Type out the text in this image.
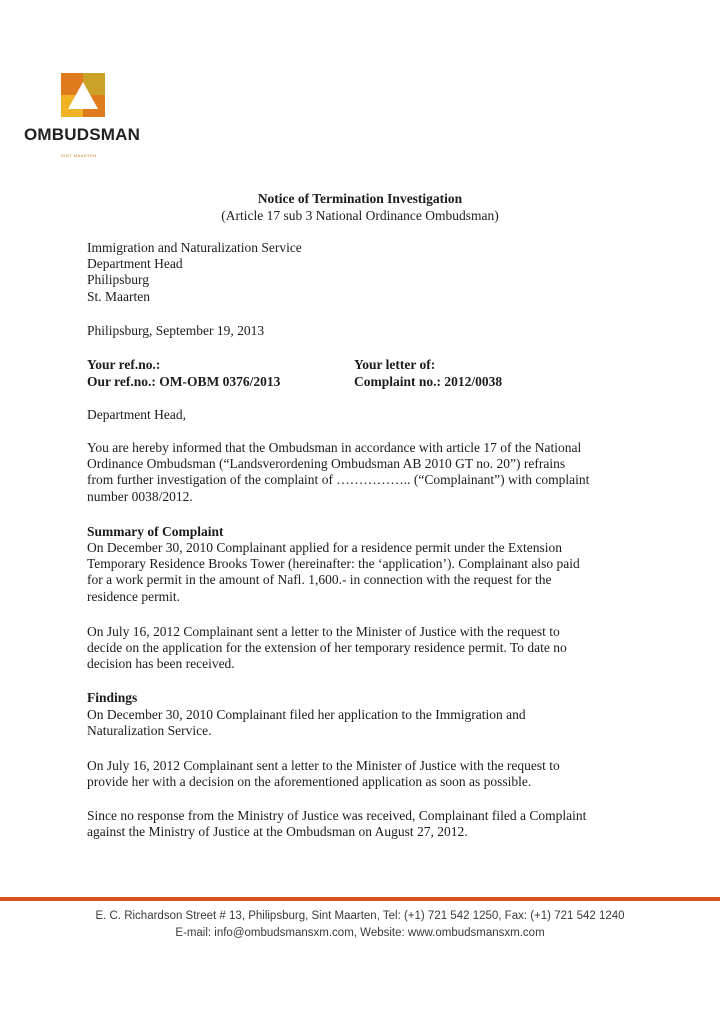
OMBUDSMAN
SINT MAARTEN
Notice of Termination Investigation
(Article 17 sub 3 National Ordinance Ombudsman)

Immigration and Naturalization Service

Department Head

Philipsburg

St. Maarten

Philipsburg, September 19, 2013
Your ref.no.:
Our ref.no.: OM-OBM 0376/2013
Your letter of:
Complaint no.: 2012/0038
Department Head,

You are hereby informed that the Ombudsman in accordance with article 17 of the National

Ordinance Ombudsman (“Landsverordening Ombudsman AB 2010 GT no. 20”) refrains

from further investigation of the complaint of …………….. (“Complainant”) with complaint

number 0038/2012.

Summary of Complaint

On December 30, 2010 Complainant applied for a residence permit under the Extension

Temporary Residence Brooks Tower (hereinafter: the ‘application’). Complainant also paid

for a work permit in the amount of Nafl. 1,600.- in connection with the request for the

residence permit.

On July 16, 2012 Complainant sent a letter to the Minister of Justice with the request to

decide on the application for the extension of her temporary residence permit. To date no

decision has been received.

Findings

On December 30, 2010 Complainant filed her application to the Immigration and

Naturalization Service.

On July 16, 2012 Complainant sent a letter to the Minister of Justice with the request to

provide her with a decision on the aforementioned application as soon as possible.

Since no response from the Ministry of Justice was received, Complainant filed a Complaint

against the Ministry of Justice at the Ombudsman on August 27, 2012.

E. C. Richardson Street # 13, Philipsburg, Sint Maarten, Tel: (+1) 721 542 1250, Fax: (+1) 721 542 1240
E-mail: info@ombudsmansxm.com, Website: www.ombudsmansxm.com
